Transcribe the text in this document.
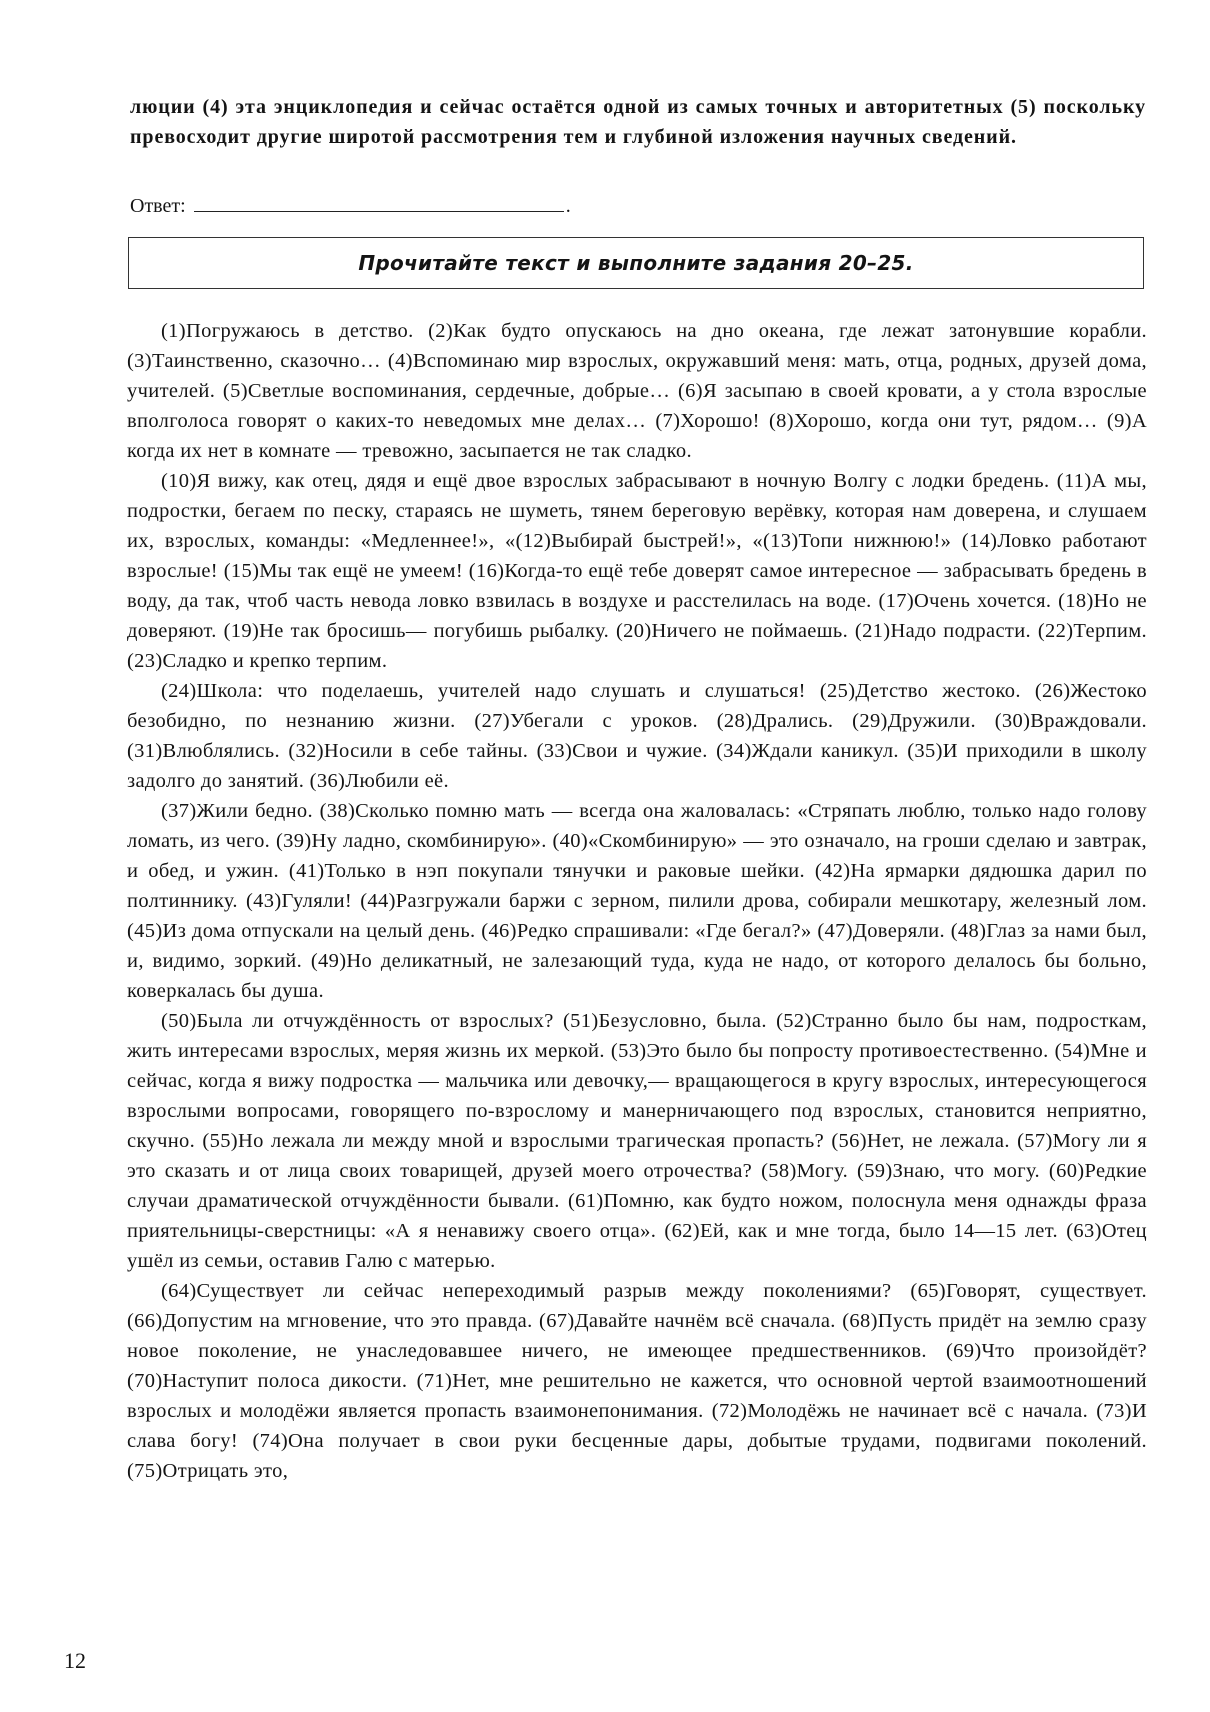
люции (4) эта энциклопедия и сейчас остаётся одной из самых точных и авторитетных (5) поскольку превосходит другие широтой рассмотрения тем и глубиной изложения научных сведений.
Ответ:	.
Прочитайте текст и выполните задания 20–25.

(1)Погружаюсь в детство. (2)Как будто опускаюсь на дно океана, где лежат затонувшие корабли. (3)Таинственно, сказочно… (4)Вспоминаю мир взрослых, окружавший меня: мать, отца, родных, друзей дома, учителей. (5)Светлые воспоминания, сердечные, добрые… (6)Я засыпаю в своей кровати, а у стола взрослые вполголоса говорят о каких-то неведомых мне делах… (7)Хорошо! (8)Хорошо, когда они тут, рядом… (9)А когда их нет в комнате — тревожно, засыпается не так сладко.

(10)Я вижу, как отец, дядя и ещё двое взрослых забрасывают в ночную Волгу с лодки бредень. (11)А мы, подростки, бегаем по песку, стараясь не шуметь, тянем береговую верёвку, которая нам доверена, и слушаем их, взрослых, команды: «Медленнее!», «(12)Выбирай быстрей!», «(13)Топи нижнюю!» (14)Ловко работают взрослые! (15)Мы так ещё не умеем! (16)Когда-то ещё тебе доверят самое интересное — забрасывать бредень в воду, да так, чтоб часть невода ловко взвилась в воздухе и расстелилась на воде. (17)Очень хочется. (18)Но не доверяют. (19)Не так бросишь— погубишь рыбалку. (20)Ничего не поймаешь. (21)Надо подрасти. (22)Терпим. (23)Сладко и крепко терпим.

(24)Школа: что поделаешь, учителей надо слушать и слушаться! (25)Детство жестоко. (26)Жестоко безобидно, по незнанию жизни. (27)Убегали с уроков. (28)Дрались. (29)Дружили. (30)Враждовали. (31)Влюблялись. (32)Носили в себе тайны. (33)Свои и чужие. (34)Ждали каникул. (35)И приходили в школу задолго до занятий. (36)Любили её.

(37)Жили бедно. (38)Сколько помню мать — всегда она жаловалась: «Стряпать люблю, только надо голову ломать, из чего. (39)Ну ладно, скомбинирую». (40)«Скомбинирую» — это означало, на гроши сделаю и завтрак, и обед, и ужин. (41)Только в нэп покупали тянучки и раковые шейки. (42)На ярмарки дядюшка дарил по полтиннику. (43)Гуляли! (44)Разгружали баржи с зерном, пилили дрова, собирали мешкотару, железный лом. (45)Из дома отпускали на целый день. (46)Редко спрашивали: «Где бегал?» (47)Доверяли. (48)Глаз за нами был, и, видимо, зоркий. (49)Но деликатный, не залезающий туда, куда не надо, от которого делалось бы больно, коверкалась бы душа.

(50)Была ли отчуждённость от взрослых? (51)Безусловно, была. (52)Странно было бы нам, подросткам, жить интересами взрослых, меряя жизнь их меркой. (53)Это было бы попросту противоестественно. (54)Мне и сейчас, когда я вижу подростка — мальчика или девочку,— вращающегося в кругу взрослых, интересующегося взрослыми вопросами, говорящего по-взрослому и манерничающего под взрослых, становится неприятно, скучно. (55)Но лежала ли между мной и взрослыми трагическая пропасть? (56)Нет, не лежала. (57)Могу ли я это сказать и от лица своих товарищей, друзей моего отрочества? (58)Могу. (59)Знаю, что могу. (60)Редкие случаи драматической отчуждённости бывали. (61)Помню, как будто ножом, полоснула меня однажды фраза приятельницы-сверстницы: «А я ненавижу своего отца». (62)Ей, как и мне тогда, было 14—15 лет. (63)Отец ушёл из семьи, оставив Галю с матерью.

(64)Существует ли сейчас непереходимый разрыв между поколениями? (65)Говорят, существует. (66)Допустим на мгновение, что это правда. (67)Давайте начнём всё сначала. (68)Пусть придёт на землю сразу новое поколение, не унаследовавшее ничего, не имеющее предшественников. (69)Что произойдёт? (70)Наступит полоса дикости. (71)Нет, мне решительно не кажется, что основной чертой взаимоотношений взрослых и молодёжи является пропасть взаимонепонимания. (72)Молодёжь не начинает всё с начала. (73)И слава богу! (74)Она получает в свои руки бесценные дары, добытые трудами, подвигами поколений. (75)Отрицать это,

12
